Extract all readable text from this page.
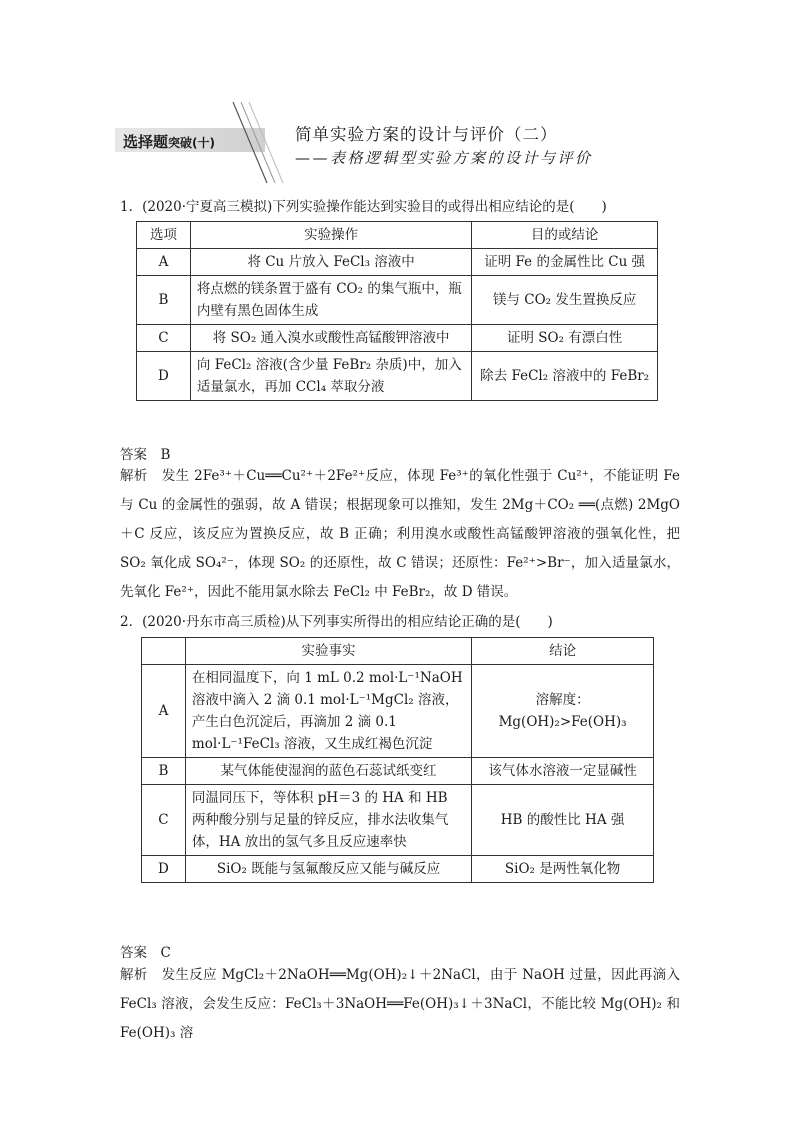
选择题突破(十)	简单实验方案的设计与评价（二）
——表格逻辑型实验方案的设计与评价
1．(2020·宁夏高三模拟)下列实验操作能达到实验目的或得出相应结论的是(　　)
选项	实验操作	目的或结论
A	将 Cu 片放入 FeCl₃ 溶液中	证明 Fe 的金属性比 Cu 强
B	将点燃的镁条置于盛有 CO₂ 的集气瓶中，瓶内壁有黑色固体生成	镁与 CO₂ 发生置换反应
C	将 SO₂ 通入溴水或酸性高锰酸钾溶液中	证明 SO₂ 有漂白性
D	向 FeCl₂ 溶液(含少量 FeBr₂ 杂质)中，加入适量氯水，再加 CCl₄ 萃取分液	除去 FeCl₂ 溶液中的 FeBr₂
答案　 B
解析　 发生 2Fe³⁺＋Cu══Cu²⁺＋2Fe²⁺反应，体现 Fe³⁺的氧化性强于 Cu²⁺，不能证明 Fe 与 Cu 的金属性的强弱，故 A 错误；根据现象可以推知，发生 2Mg＋CO₂ ══(点燃) 2MgO＋C 反应，该反应为置换反应，故 B 正确；利用溴水或酸性高锰酸钾溶液的强氧化性，把 SO₂ 氧化成 SO₄²⁻，体现 SO₂ 的还原性，故 C 错误；还原性：Fe²⁺>Br⁻，加入适量氯水，先氧化 Fe²⁺，因此不能用氯水除去 FeCl₂ 中 FeBr₂，故 D 错误。
2．(2020·丹东市高三质检)从下列事实所得出的相应结论正确的是(　　)
	实验事实	结论
A	在相同温度下，向 1 mL 0.2 mol·L⁻¹NaOH 溶液中滴入 2 滴 0.1 mol·L⁻¹MgCl₂ 溶液，产生白色沉淀后，再滴加 2 滴 0.1 mol·L⁻¹FeCl₃ 溶液，又生成红褐色沉淀	溶解度：Mg(OH)₂>Fe(OH)₃
B	某气体能使湿润的蓝色石蕊试纸变红	该气体水溶液一定显碱性
C	同温同压下，等体积 pH＝3 的 HA 和 HB 两种酸分别与足量的锌反应，排水法收集气体，HA 放出的氢气多且反应速率快	HB 的酸性比 HA 强
D	SiO₂ 既能与氢氟酸反应又能与碱反应	SiO₂ 是两性氧化物
答案　 C
解析　 发生反应 MgCl₂＋2NaOH══Mg(OH)₂↓＋2NaCl，由于 NaOH 过量，因此再滴入 FeCl₃ 溶液，会发生反应：FeCl₃＋3NaOH══Fe(OH)₃↓＋3NaCl，不能比较 Mg(OH)₂ 和 Fe(OH)₃ 溶
